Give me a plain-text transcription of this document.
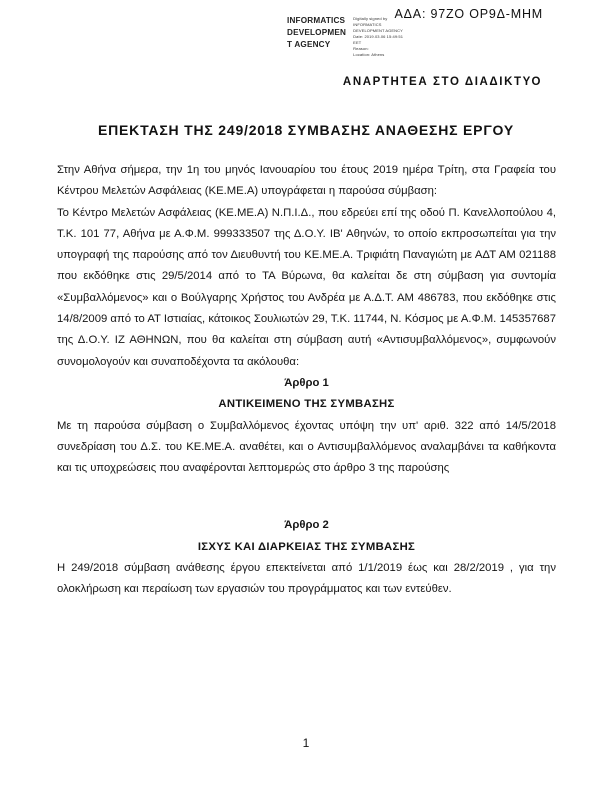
ΑΔΑ: 97ΖΟ ΟΡ9Δ-ΜΗΜ
INFORMATICS
DEVELOPMEN
T AGENCY
Digitally signed by
INFORMATICS
DEVELOPMENT AGENCY
Date: 2019.03.06 15:49:51
EET
Reason:
Location: Athens
ΑΝΑΡΤΗΤΕΑ ΣΤΟ ΔΙΑΔΙΚΤΥΟ
ΕΠΕΚΤΑΣΗ ΤΗΣ 249/2018 ΣΥΜΒΑΣΗΣ ΑΝΑΘΕΣΗΣ ΕΡΓΟΥ

Στην Αθήνα σήμερα, την 1η του μηνός Ιανουαρίου του έτους 2019 ημέρα Τρίτη, στα Γραφεία του Κέντρου Μελετών Ασφάλειας (ΚΕ.ΜΕ.Α) υπογράφεται η παρούσα σύμβαση:

Το Κέντρο Μελετών Ασφάλειας (ΚΕ.ΜΕ.Α) Ν.Π.Ι.Δ., που εδρεύει επί της οδού Π. Κανελλοπούλου 4, Τ.Κ. 101 77, Αθήνα με Α.Φ.Μ. 999333507 της Δ.Ο.Υ. ΙΒ' Αθηνών, το οποίο εκπροσωπείται για την υπογραφή της παρούσης από τον Διευθυντή του ΚΕ.ΜΕ.Α. Τριφιάτη Παναγιώτη με ΑΔΤ ΑΜ 021188 που εκδόθηκε στις 29/5/2014 από το ΤΑ Βύρωνα, θα καλείται δε στη σύμβαση για συντομία «Συμβαλλόμενος» και ο Βούλγαρης Χρήστος του Ανδρέα με Α.Δ.Τ. ΑΜ 486783, που εκδόθηκε στις 14/8/2009 από το ΑΤ Ιστιαίας, κάτοικος Σουλιωτών 29, Τ.Κ. 11744, Ν. Κόσμος με Α.Φ.Μ. 145357687 της Δ.Ο.Υ. ΙΖ ΑΘΗΝΩΝ, που θα καλείται στη σύμβαση αυτή «Αντισυμβαλλόμενος», συμφωνούν συνομολογούν και συναποδέχοντα τα ακόλουθα:

Άρθρο 1

ΑΝΤΙΚΕΙΜΕΝΟ ΤΗΣ ΣΥΜΒΑΣΗΣ

Με τη παρούσα σύμβαση ο Συμβαλλόμενος έχοντας υπόψη την υπ' αριθ. 322 από 14/5/2018 συνεδρίαση του Δ.Σ. του ΚΕ.ΜΕ.Α. αναθέτει, και ο Αντισυμβαλλόμενος αναλαμβάνει τα καθήκοντα και τις υποχρεώσεις που αναφέρονται λεπτομερώς στο άρθρο 3 της παρούσης

Άρθρο 2

ΙΣΧΥΣ ΚΑΙ ΔΙΑΡΚΕΙΑΣ ΤΗΣ ΣΥΜΒΑΣΗΣ

Η 249/2018 σύμβαση ανάθεσης έργου επεκτείνεται από 1/1/2019 έως και 28/2/2019 , για την ολοκλήρωση και περαίωση των εργασιών του προγράμματος και των εντεύθεν.

1
